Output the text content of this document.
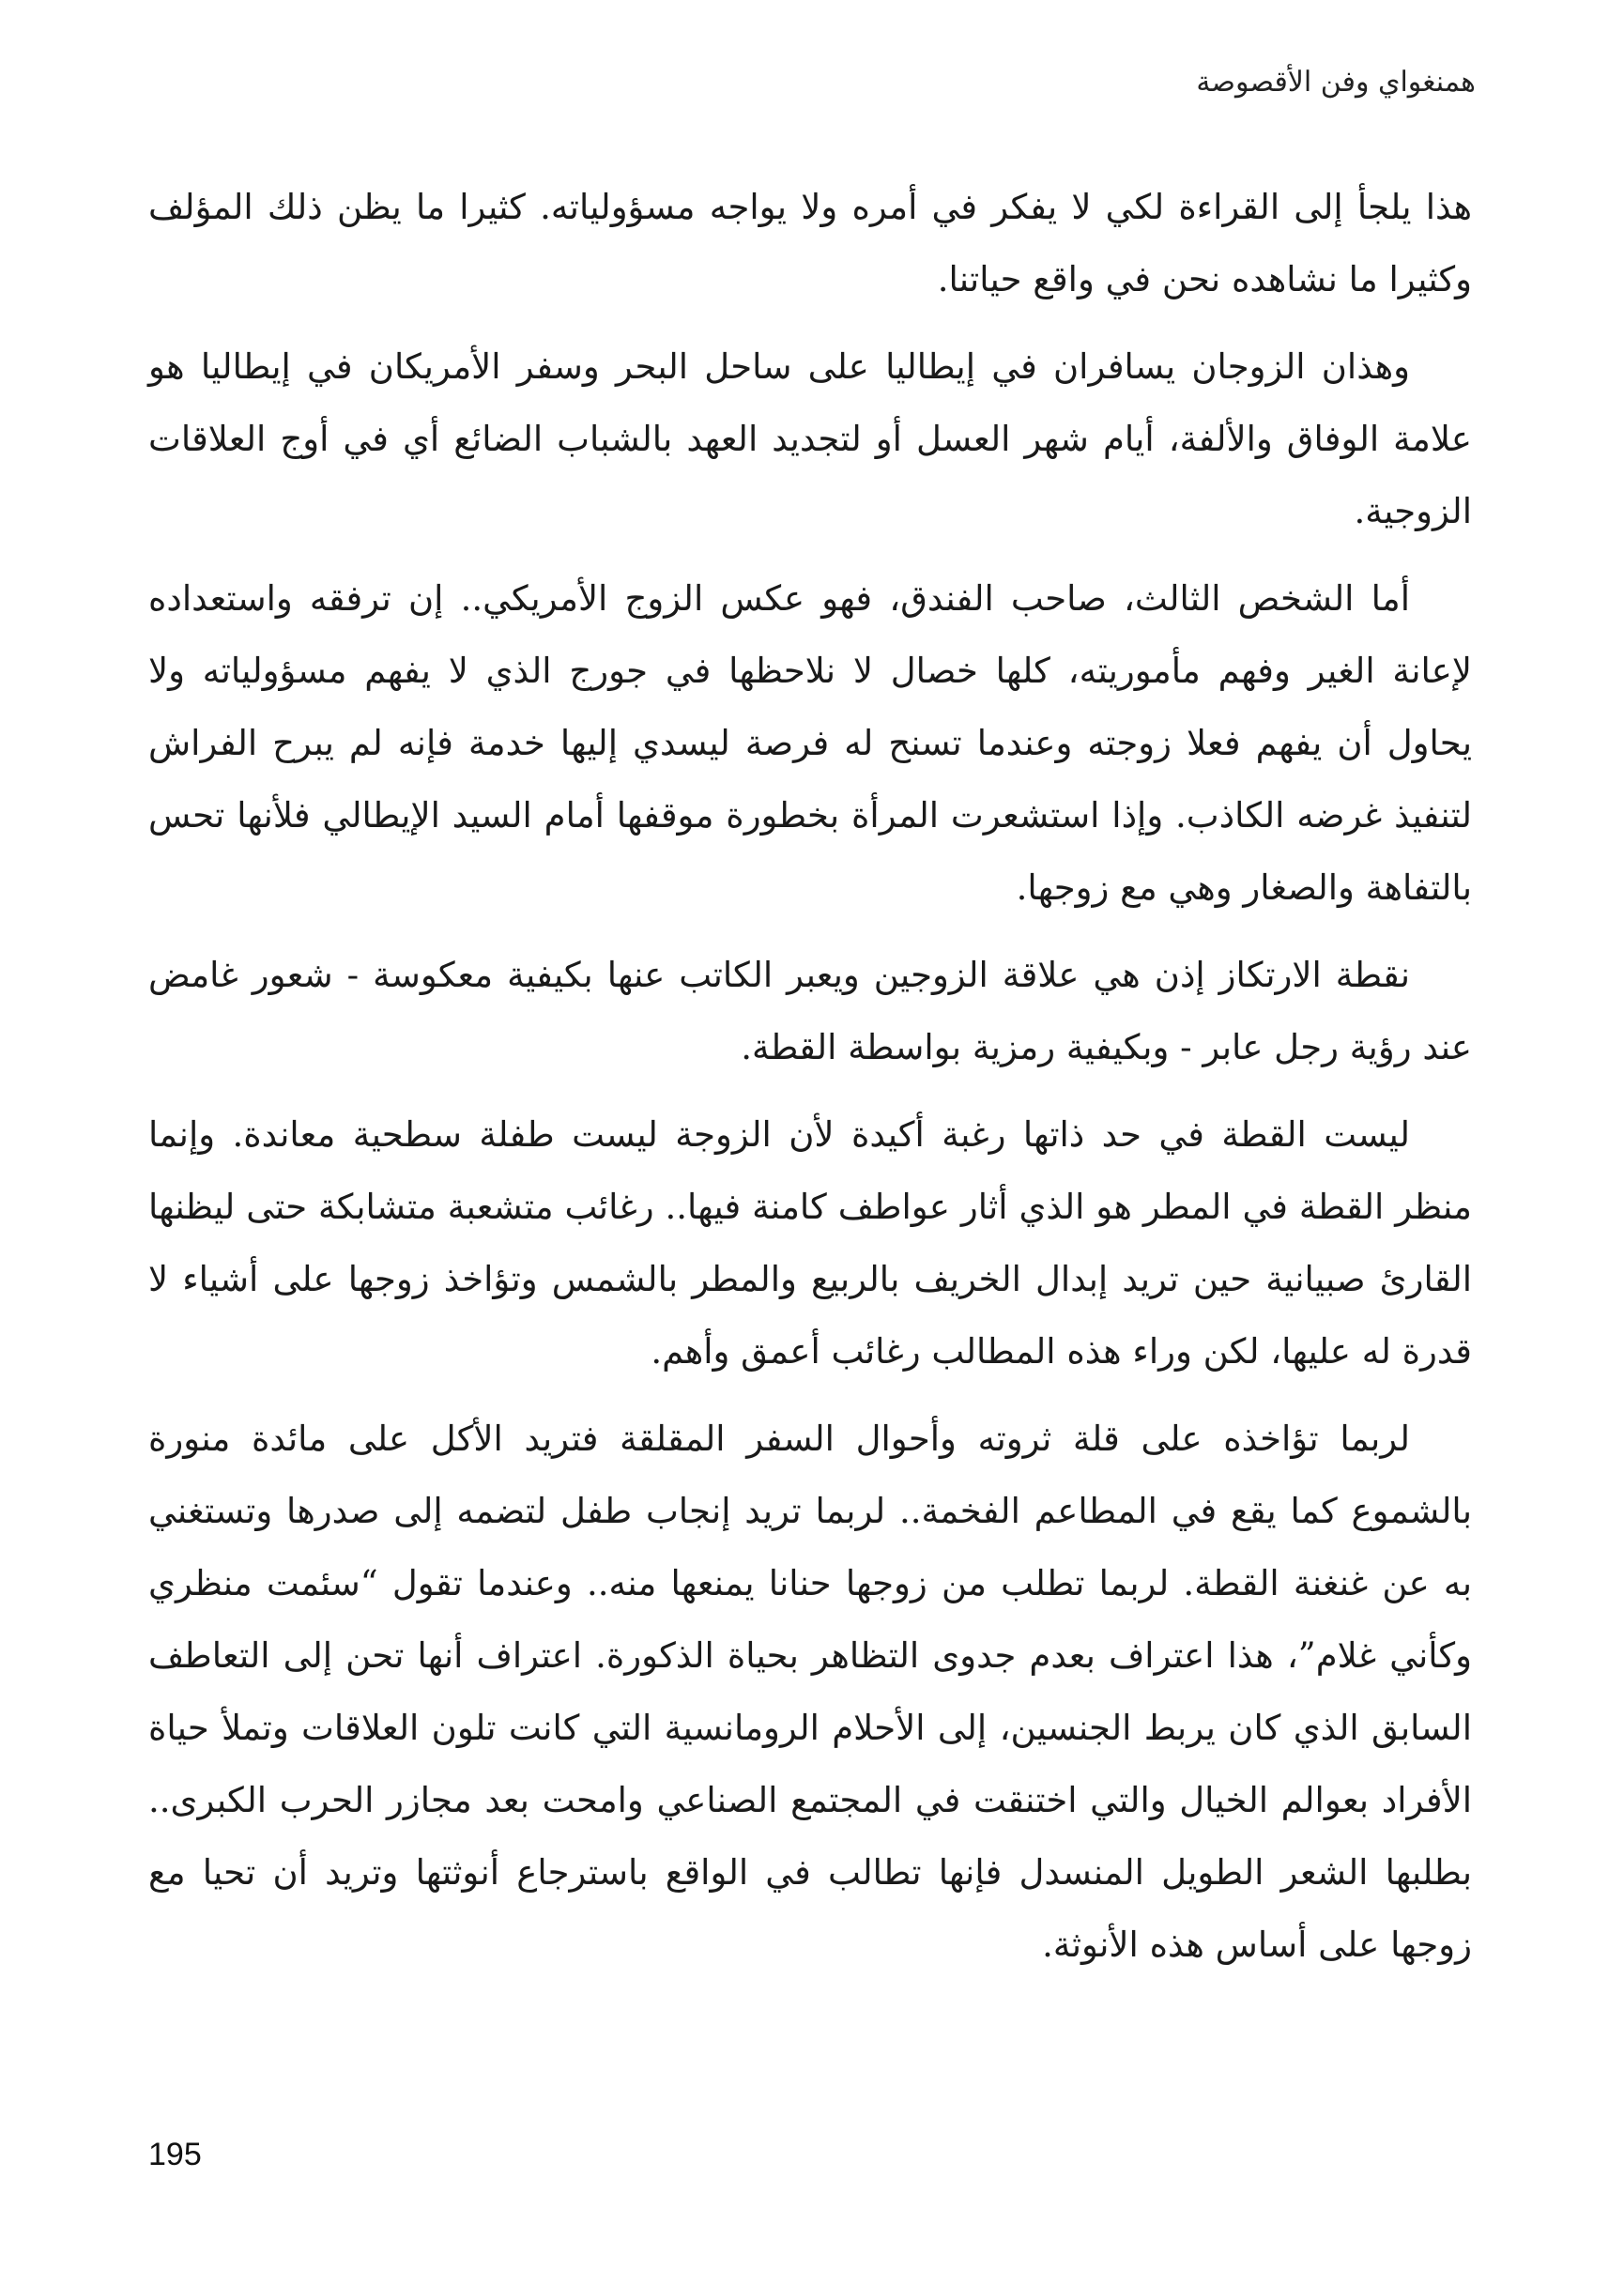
همنغواي وفن الأقصوصة

هذا يلجأ إلى القراءة لكي لا يفكر في أمره ولا يواجه مسؤولياته. كثيرا ما يظن ذلك المؤلف وكثيرا ما نشاهده نحن في واقع حياتنا.

وهذان الزوجان يسافران في إيطاليا على ساحل البحر وسفر الأمريكان في إيطاليا هو علامة الوفاق والألفة، أيام شهر العسل أو لتجديد العهد بالشباب الضائع أي في أوج العلاقات الزوجية.

أما الشخص الثالث، صاحب الفندق، فهو عكس الزوج الأمريكي.. إن ترفقه واستعداده لإعانة الغير وفهم مأموريته، كلها خصال لا نلاحظها في جورج الذي لا يفهم مسؤولياته ولا يحاول أن يفهم فعلا زوجته وعندما تسنح له فرصة ليسدي إليها خدمة فإنه لم يبرح الفراش لتنفيذ غرضه الكاذب. وإذا استشعرت المرأة بخطورة موقفها أمام السيد الإيطالي فلأنها تحس بالتفاهة والصغار وهي مع زوجها.

نقطة الارتكاز إذن هي علاقة الزوجين ويعبر الكاتب عنها بكيفية معكوسة - شعور غامض عند رؤية رجل عابر - وبكيفية رمزية بواسطة القطة.

ليست القطة في حد ذاتها رغبة أكيدة لأن الزوجة ليست طفلة سطحية معاندة. وإنما منظر القطة في المطر هو الذي أثار عواطف كامنة فيها.. رغائب متشعبة متشابكة حتى ليظنها القارئ صبيانية حين تريد إبدال الخريف بالربيع والمطر بالشمس وتؤاخذ زوجها على أشياء لا قدرة له عليها، لكن وراء هذه المطالب رغائب أعمق وأهم.

لربما تؤاخذه على قلة ثروته وأحوال السفر المقلقة فتريد الأكل على مائدة منورة بالشموع كما يقع في المطاعم الفخمة.. لربما تريد إنجاب طفل لتضمه إلى صدرها وتستغني به عن غنغنة القطة. لربما تطلب من زوجها حنانا يمنعها منه.. وعندما تقول “سئمت منظري وكأني غلام”، هذا اعتراف بعدم جدوى التظاهر بحياة الذكورة. اعتراف أنها تحن إلى التعاطف السابق الذي كان يربط الجنسين، إلى الأحلام الرومانسية التي كانت تلون العلاقات وتملأ حياة الأفراد بعوالم الخيال والتي اختنقت في المجتمع الصناعي وامحت بعد مجازر الحرب الكبرى.. بطلبها الشعر الطويل المنسدل فإنها تطالب في الواقع باسترجاع أنوثتها وتريد أن تحيا مع زوجها على أساس هذه الأنوثة.

195
